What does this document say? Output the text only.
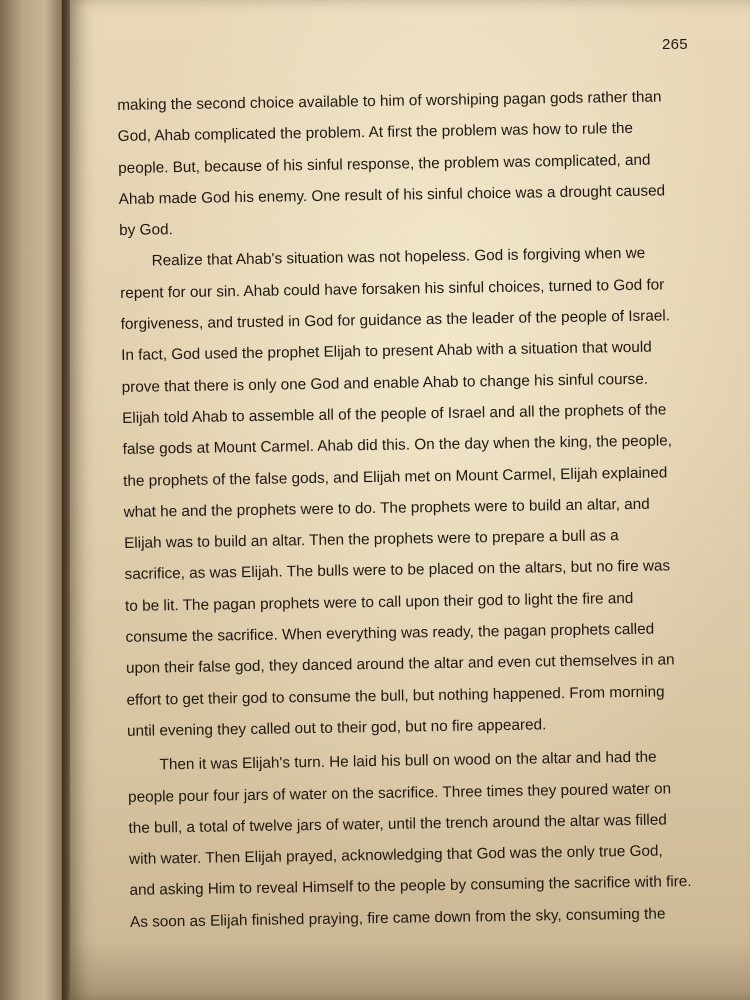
265
making the second choice available to him of worshiping pagan gods rather than
God, Ahab complicated the problem. At first the problem was how to rule the
people. But, because of his sinful response, the problem was complicated, and
Ahab made God his enemy. One result of his sinful choice was a drought caused
by God.
Realize that Ahab's situation was not hopeless. God is forgiving when we
repent for our sin. Ahab could have forsaken his sinful choices, turned to God for
forgiveness, and trusted in God for guidance as the leader of the people of Israel.
In fact, God used the prophet Elijah to present Ahab with a situation that would
prove that there is only one God and enable Ahab to change his sinful course.
Elijah told Ahab to assemble all of the people of Israel and all the prophets of the
false gods at Mount Carmel. Ahab did this. On the day when the king, the people,
the prophets of the false gods, and Elijah met on Mount Carmel, Elijah explained
what he and the prophets were to do. The prophets were to build an altar, and
Elijah was to build an altar. Then the prophets were to prepare a bull as a
sacrifice, as was Elijah. The bulls were to be placed on the altars, but no fire was
to be lit. The pagan prophets were to call upon their god to light the fire and
consume the sacrifice. When everything was ready, the pagan prophets called
upon their false god, they danced around the altar and even cut themselves in an
effort to get their god to consume the bull, but nothing happened. From morning
until evening they called out to their god, but no fire appeared.
Then it was Elijah's turn. He laid his bull on wood on the altar and had the
people pour four jars of water on the sacrifice. Three times they poured water on
the bull, a total of twelve jars of water, until the trench around the altar was filled
with water. Then Elijah prayed, acknowledging that God was the only true God,
and asking Him to reveal Himself to the people by consuming the sacrifice with fire.
As soon as Elijah finished praying, fire came down from the sky, consuming the
